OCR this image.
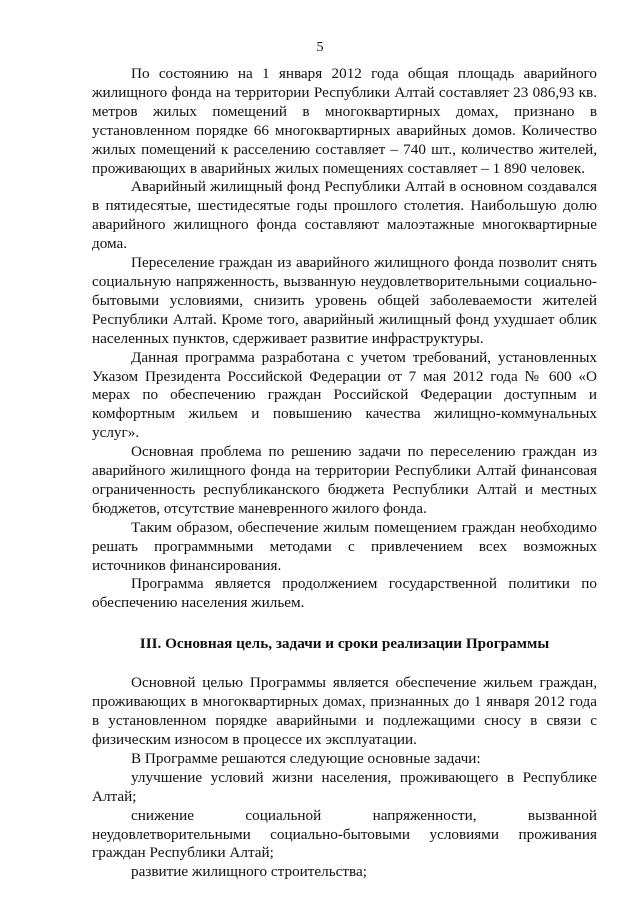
5

По состоянию на 1 января 2012 года общая площадь аварийного жилищного фонда на территории Республики Алтай составляет 23 086,93 кв. метров жилых помещений в многоквартирных домах, признано в установленном порядке 66 многоквартирных аварийных домов. Количество жилых помещений к расселению составляет – 740 шт., количество жителей, проживающих в аварийных жилых помещениях составляет – 1 890 человек.

Аварийный жилищный фонд Республики Алтай в основном создавался в пятидесятые, шестидесятые годы прошлого столетия. Наибольшую долю аварийного жилищного фонда составляют малоэтажные многоквартирные дома.

Переселение граждан из аварийного жилищного фонда позволит снять социальную напряженность, вызванную неудовлетворительными социально-бытовыми условиями, снизить уровень общей заболеваемости жителей Республики Алтай. Кроме того, аварийный жилищный фонд ухудшает облик населенных пунктов, сдерживает развитие инфраструктуры.

Данная программа разработана с учетом требований, установленных Указом Президента Российской Федерации от 7 мая 2012 года № 600 «О мерах по обеспечению граждан Российской Федерации доступным и комфортным жильем и повышению качества жилищно-коммунальных услуг».

Основная проблема по решению задачи по переселению граждан из аварийного жилищного фонда на территории Республики Алтай финансовая ограниченность республиканского бюджета Республики Алтай и местных бюджетов, отсутствие маневренного жилого фонда.

Таким образом, обеспечение жилым помещением граждан необходимо решать программными методами с привлечением всех возможных источников финансирования.

Программа является продолжением государственной политики по обеспечению населения жильем.

III. Основная цель, задачи и сроки реализации Программы

Основной целью Программы является обеспечение жильем граждан, проживающих в многоквартирных домах, признанных до 1 января 2012 года в установленном порядке аварийными и подлежащими сносу в связи с физическим износом в процессе их эксплуатации.

В Программе решаются следующие основные задачи:

улучшение условий жизни населения, проживающего в Республике Алтай;

снижение социальной напряженности, вызванной
неудовлетворительными социально-бытовыми условиями проживания
граждан Республики Алтай;

развитие жилищного строительства;
